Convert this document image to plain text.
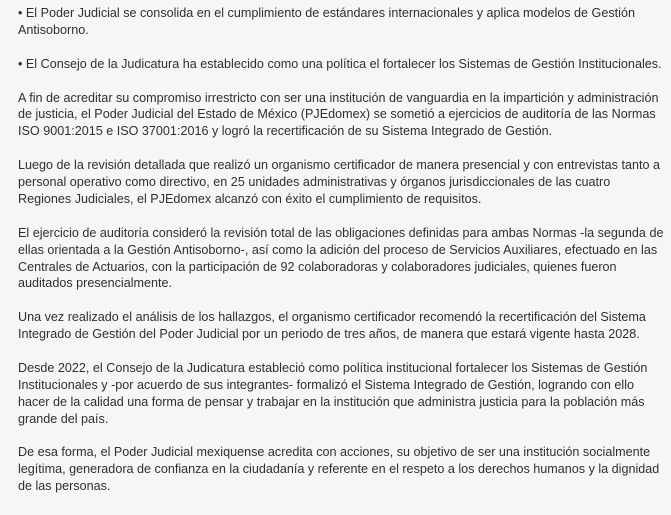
• El Poder Judicial se consolida en el cumplimiento de estándares internacionales y aplica modelos de Gestión Antisoborno.

• El Consejo de la Judicatura ha establecido como una política el fortalecer los Sistemas de Gestión Institucionales.

A fin de acreditar su compromiso irrestricto con ser una institución de vanguardia en la impartición y administración de justicia, el Poder Judicial del Estado de México (PJEdomex) se sometió a ejercicios de auditoría de las Normas ISO 9001:2015 e ISO 37001:2016 y logró la recertificación de su Sistema Integrado de Gestión.

Luego de la revisión detallada que realizó un organismo certificador de manera presencial y con entrevistas tanto a personal operativo como directivo, en 25 unidades administrativas y órganos jurisdiccionales de las cuatro Regiones Judiciales, el PJEdomex alcanzó con éxito el cumplimiento de requisitos.

El ejercicio de auditoría consideró la revisión total de las obligaciones definidas para ambas Normas -la segunda de ellas orientada a la Gestión Antisoborno-, así como la adición del proceso de Servicios Auxiliares, efectuado en las Centrales de Actuarios, con la participación de 92 colaboradoras y colaboradores judiciales, quienes fueron auditados presencialmente.

Una vez realizado el análisis de los hallazgos, el organismo certificador recomendó la recertificación del Sistema Integrado de Gestión del Poder Judicial por un periodo de tres años, de manera que estará vigente hasta 2028.

Desde 2022, el Consejo de la Judicatura estableció como política institucional fortalecer los Sistemas de Gestión Institucionales y -por acuerdo de sus integrantes- formalizó el Sistema Integrado de Gestión, logrando con ello hacer de la calidad una forma de pensar y trabajar en la institución que administra justicia para la población más grande del país.

De esa forma, el Poder Judicial mexiquense acredita con acciones, su objetivo de ser una institución socialmente legítima, generadora de confianza en la ciudadanía y referente en el respeto a los derechos humanos y la dignidad de las personas.
